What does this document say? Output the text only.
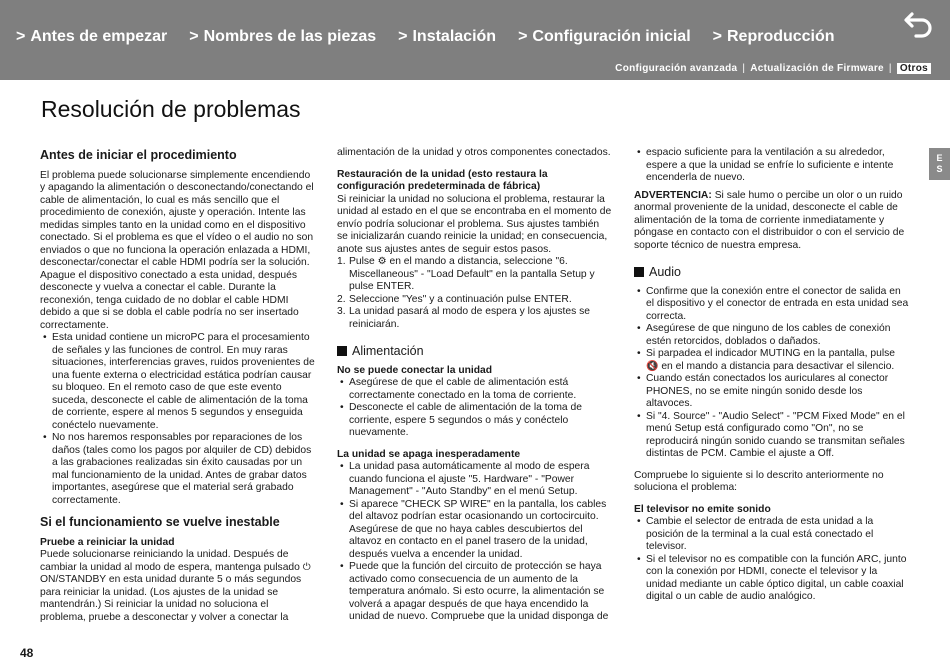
> Antes de empezar > Nombres de las piezas > Instalación > Configuración inicial > Reproducción
Configuración avanzada | Actualización de Firmware | Otros
Resolución de problemas
E
S
Antes de iniciar el procedimiento

El problema puede solucionarse simplemente encendiendo y apagando la alimentación o desconectando/conectando el cable de alimentación, lo cual es más sencillo que el procedimiento de conexión, ajuste y operación. Intente las medidas simples tanto en la unidad como en el dispositivo conectado. Si el problema es que el vídeo o el audio no son enviados o que no funciona la operación enlazada a HDMI, desconectar/conectar el cable HDMI podría ser la solución. Apague el dispositivo conectado a esta unidad, después desconecte y vuelva a conectar el cable. Durante la reconexión, tenga cuidado de no doblar el cable HDMI debido a que si se dobla el cable podría no ser insertado correctamente.

• Esta unidad contiene un microPC para el procesamiento de señales y las funciones de control. En muy raras situaciones, interferencias graves, ruidos provenientes de una fuente externa o electricidad estática podrían causar su bloqueo. En el remoto caso de que este evento suceda, desconecte el cable de alimentación de la toma de corriente, espere al menos 5 segundos y enseguida conéctelo nuevamente.
• No nos haremos responsables por reparaciones de los daños (tales como los pagos por alquiler de CD) debidos a las grabaciones realizadas sin éxito causadas por un mal funcionamiento de la unidad. Antes de grabar datos importantes, asegúrese que el material será grabado correctamente.
Si el funcionamiento se vuelve inestable
Pruebe a reiniciar la unidad

Puede solucionarse reiniciando la unidad. Después de cambiar la unidad al modo de espera, mantenga pulsado ⏻ ON/STANDBY en esta unidad durante 5 o más segundos para reiniciar la unidad. (Los ajustes de la unidad se mantendrán.) Si reiniciar la unidad no soluciona el problema, pruebe a desconectar y volver a conectar la

alimentación de la unidad y otros componentes conectados.

Restauración de la unidad (esto restaura la configuración predeterminada de fábrica)

Si reiniciar la unidad no soluciona el problema, restaurar la unidad al estado en el que se encontraba en el momento de envío podría solucionar el problema. Sus ajustes también se inicializarán cuando reinicie la unidad; en consecuencia, anote sus ajustes antes de seguir estos pasos.

1. Pulse ⚙ en el mando a distancia, seleccione "6. Miscellaneous" - "Load Default" en la pantalla Setup y pulse ENTER.
2. Seleccione "Yes" y a continuación pulse ENTER.
3. La unidad pasará al modo de espera y los ajustes se reiniciarán.
Alimentación
No se puede conectar la unidad
• Asegúrese de que el cable de alimentación está correctamente conectado en la toma de corriente.
• Desconecte el cable de alimentación de la toma de corriente, espere 5 segundos o más y conéctelo nuevamente.
La unidad se apaga inesperadamente
• La unidad pasa automáticamente al modo de espera cuando funciona el ajuste "5. Hardware" - "Power Management" - "Auto Standby" en el menú Setup.
• Si aparece "CHECK SP WIRE" en la pantalla, los cables del altavoz podrían estar ocasionando un cortocircuito. Asegúrese de que no haya cables descubiertos del altavoz en contacto en el panel trasero de la unidad, después vuelva a encender la unidad.
• Puede que la función del circuito de protección se haya activado como consecuencia de un aumento de la temperatura anómalo. Si esto ocurre, la alimentación se volverá a apagar después de que haya encendido la unidad de nuevo. Compruebe que la unidad disponga de
• espacio suficiente para la ventilación a su alrededor, espere a que la unidad se enfríe lo suficiente e intente encenderla de nuevo.

ADVERTENCIA: Si sale humo o percibe un olor o un ruido anormal proveniente de la unidad, desconecte el cable de alimentación de la toma de corriente inmediatamente y póngase en contacto con el distribuidor o con el servicio de soporte técnico de nuestra empresa.

Audio
• Confirme que la conexión entre el conector de salida en el dispositivo y el conector de entrada en esta unidad sea correcta.
• Asegúrese de que ninguno de los cables de conexión estén retorcidos, doblados o dañados.
• Si parpadea el indicador MUTING en la pantalla, pulse 🔇 en el mando a distancia para desactivar el silencio.
• Cuando están conectados los auriculares al conector PHONES, no se emite ningún sonido desde los altavoces.
• Si "4. Source" - "Audio Select" - "PCM Fixed Mode" en el menú Setup está configurado como "On", no se reproducirá ningún sonido cuando se transmitan señales distintas de PCM. Cambie el ajuste a Off.

Compruebe lo siguiente si lo descrito anteriormente no soluciona el problema:

El televisor no emite sonido
• Cambie el selector de entrada de esta unidad a la posición de la terminal a la cual está conectado el televisor.
• Si el televisor no es compatible con la función ARC, junto con la conexión por HDMI, conecte el televisor y la unidad mediante un cable óptico digital, un cable coaxial digital o un cable de audio analógico.
48
